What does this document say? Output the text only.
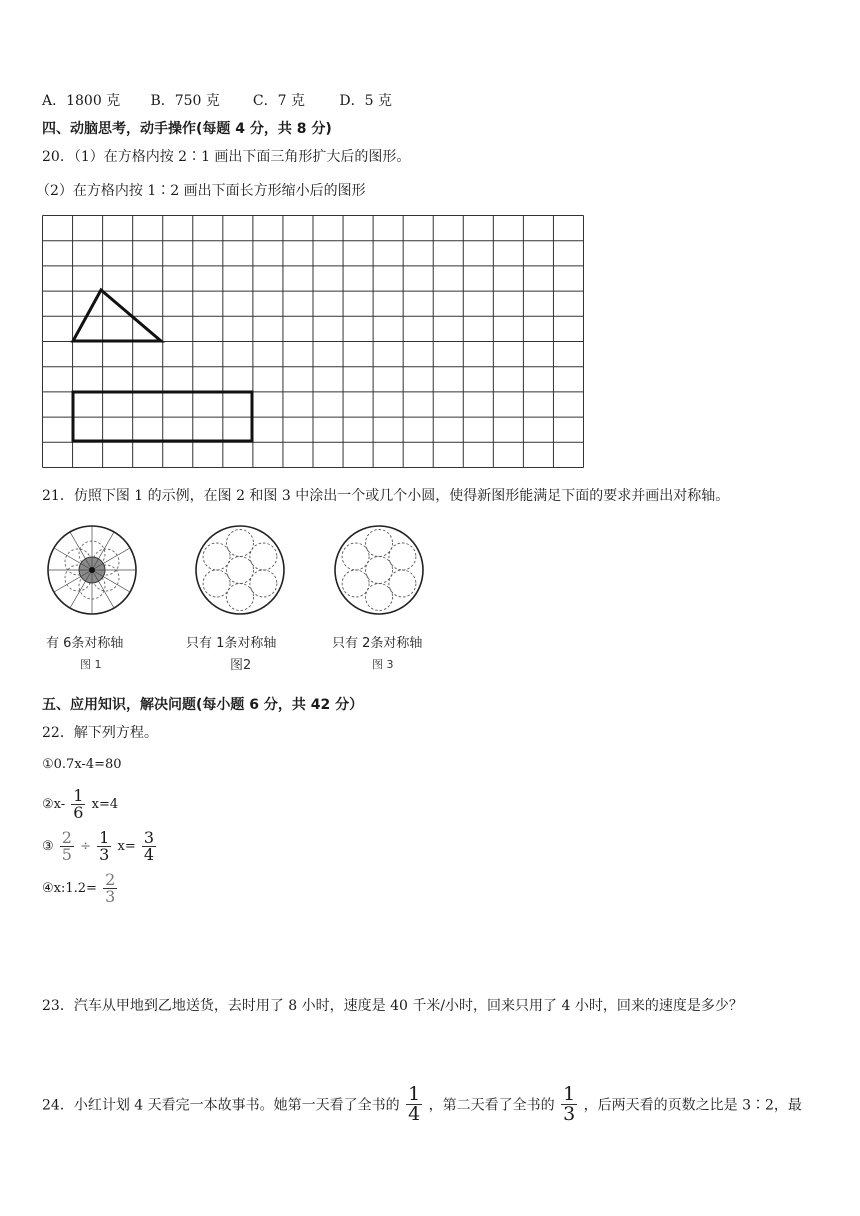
A．1800 克 B．750 克 C．7 克 D．5 克
四、动脑思考，动手操作(每题 4 分，共 8 分)
20．（1）在方格内按 2∶1 画出下面三角形扩大后的图形。
（2）在方格内按 1∶2 画出下面长方形缩小后的图形
21．仿照下图 1 的示例，在图 2 和图 3 中涂出一个或几个小圆，使得新图形能满足下面的要求并画出对称轴。
有 6条对称轴
图 1
只有 1条对称轴
图2
只有 2条对称轴
图 3
五、应用知识，解决问题(每小题 6 分，共 42 分）
22．解下列方程。
①0.7x-4=80
②x- $\frac{1}{6} x=4$
③ $\frac{2}{5} \div \frac{1}{3} x= \frac{3}{4}$
④x:1.2= $\frac{2}{3}$
23．汽车从甲地到乙地送货，去时用了 8 小时，速度是 40 千米/小时，回来只用了 4 小时，回来的速度是多少？
24．小红计划 4 天看完一本故事书。她第一天看了全书的 $\frac{1}{4}$ ，第二天看了全书的 $\frac{1}{3}$ ，后两天看的页数之比是 3∶2，最
